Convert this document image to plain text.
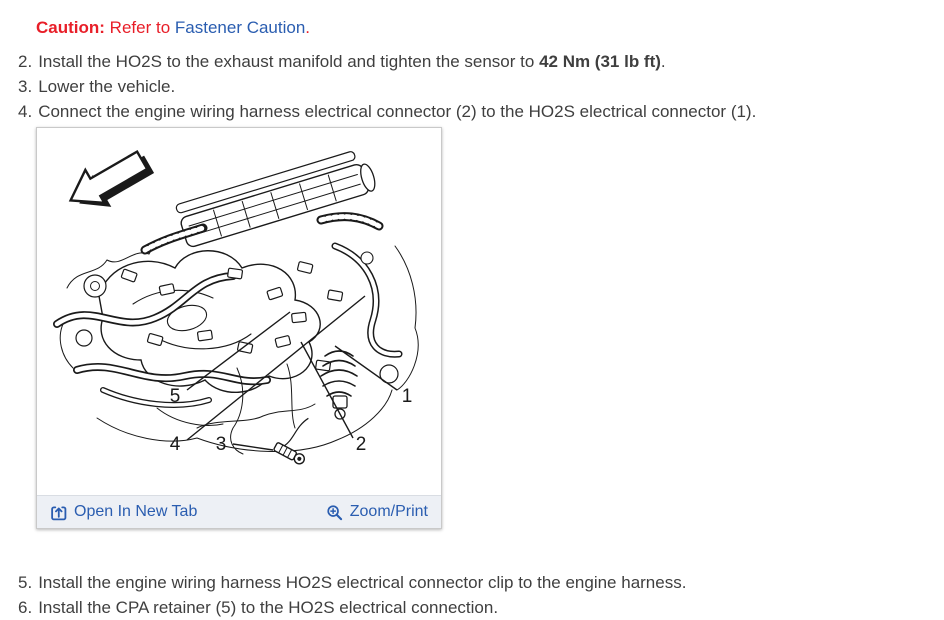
Caution: Refer to Fastener Caution.
2. Install the HO2S to the exhaust manifold and tighten the sensor to 42 Nm (31 lb ft).
3. Lower the vehicle.
4. Connect the engine wiring harness electrical connector (2) to the HO2S electrical connector (1).
5
4 3	2
1
Open In New Tab	Zoom/Print
5. Install the engine wiring harness HO2S electrical connector clip to the engine harness.
6. Install the CPA retainer (5) to the HO2S electrical connection.
